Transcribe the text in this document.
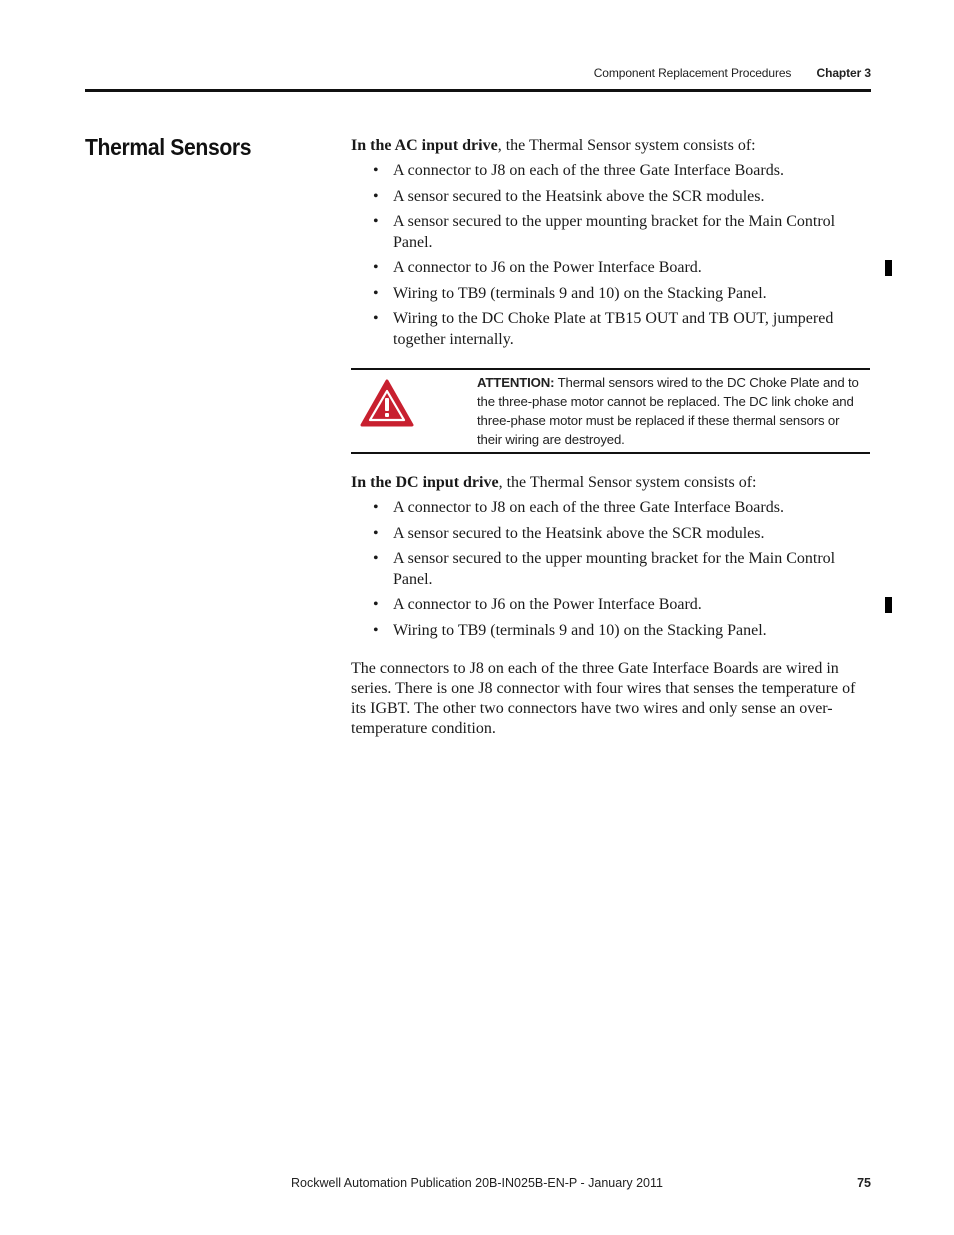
Component Replacement Procedures Chapter 3
Thermal Sensors	In the AC input drive, the Thermal Sensor system consists of:

• A connector to J8 on each of the three Gate Interface Boards.
• A sensor secured to the Heatsink above the SCR modules.
• A sensor secured to the upper mounting bracket for the Main Control Panel.
• A connector to J6 on the Power Interface Board.
• Wiring to TB9 (terminals 9 and 10) on the Stacking Panel.
• Wiring to the DC Choke Plate at TB15 OUT and TB OUT, jumpered together internally.
ATTENTION: Thermal sensors wired to the DC Choke Plate and to the three-phase motor cannot be replaced. The DC link choke and three-phase motor must be replaced if these thermal sensors or their wiring are destroyed.

In the DC input drive, the Thermal Sensor system consists of:

• A connector to J8 on each of the three Gate Interface Boards.
• A sensor secured to the Heatsink above the SCR modules.
• A sensor secured to the upper mounting bracket for the Main Control Panel.
• A connector to J6 on the Power Interface Board.
• Wiring to TB9 (terminals 9 and 10) on the Stacking Panel.

The connectors to J8 on each of the three Gate Interface Boards are wired in series. There is one J8 connector with four wires that senses the temperature of its IGBT. The other two connectors have two wires and only sense an over-temperature condition.

Rockwell Automation Publication 20B-IN025B-EN-P - January 2011	75
